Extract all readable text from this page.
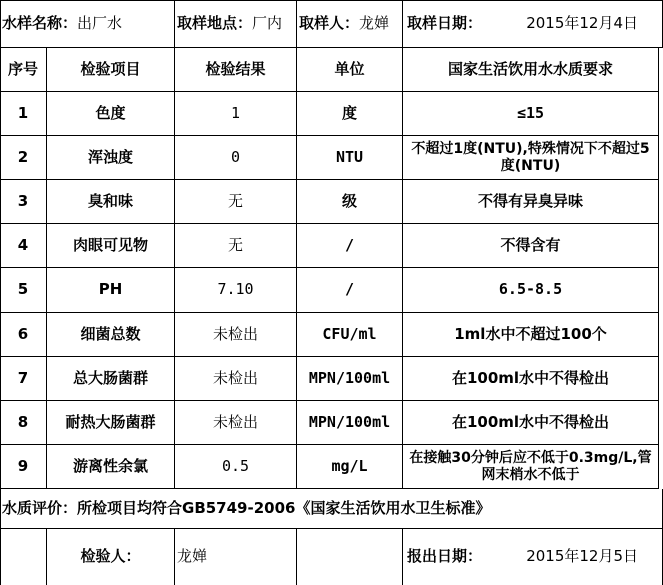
水样名称： 出厂水	取样地点： 厂内 取样人： 龙婵 取样日期：	2015年12月4日
序号	检验项目	检验结果	单位	国家生活饮用水水质要求
1	色度	1	度	≤15
2	浑浊度	0	NTU	不超过1度(NTU),特殊情况下不超过5度(NTU)
3	臭和味	无	级	不得有异臭异味
4	肉眼可见物	无	/	不得含有
5	PH	7.10	/	6.5-8.5
6	细菌总数	未检出	CFU/ml	1ml水中不超过100个
7	总大肠菌群	未检出	MPN/100ml	在100ml水中不得检出
8	耐热大肠菌群	未检出	MPN/100ml	在100ml水中不得检出
9	游离性余氯	0.5	mg/L	在接触30分钟后应不低于0.3mg/L,管网末梢水不低于
水质评价：所检项目均符合GB5749-2006《国家生活饮用水卫生标准》
检验人：	龙婵	报出日期：	2015年12月5日
